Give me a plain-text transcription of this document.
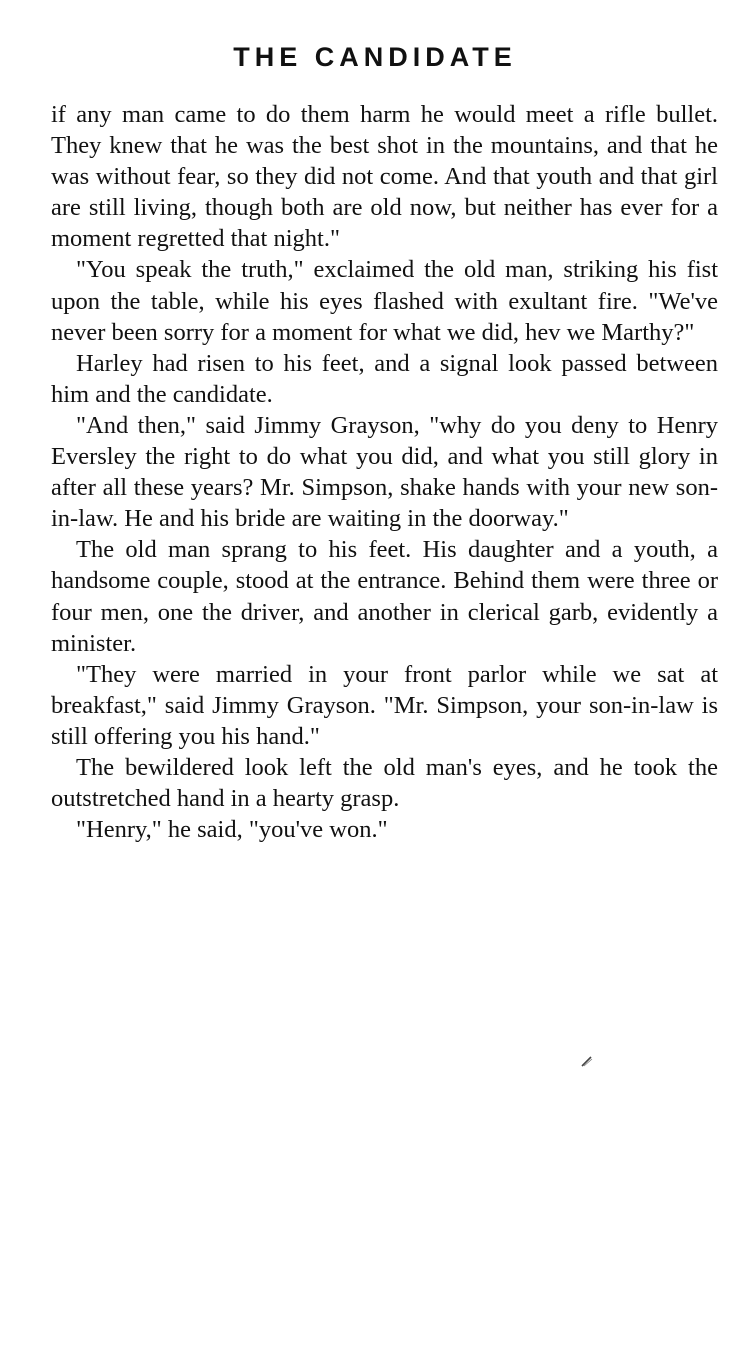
THE CANDIDATE

if any man came to do them harm he would meet a rifle bullet. They knew that he was the best shot in the mountains, and that he was without fear, so they did not come. And that youth and that girl are still living, though both are old now, but neither has ever for a moment regretted that night."

"You speak the truth," exclaimed the old man, striking his fist upon the table, while his eyes flashed with exultant fire. "We've never been sorry for a moment for what we did, hev we Marthy?"

Harley had risen to his feet, and a signal look passed between him and the candidate.

"And then," said Jimmy Grayson, "why do you deny to Henry Eversley the right to do what you did, and what you still glory in after all these years? Mr. Simpson, shake hands with your new son-in-law. He and his bride are waiting in the doorway."

The old man sprang to his feet. His daughter and a youth, a handsome couple, stood at the entrance. Behind them were three or four men, one the driver, and another in clerical garb, evidently a minister.

"They were married in your front parlor while we sat at breakfast," said Jimmy Grayson. "Mr. Simpson, your son-in-law is still offering you his hand."

The bewildered look left the old man's eyes, and he took the outstretched hand in a hearty grasp.

"Henry," he said, "you've won."
